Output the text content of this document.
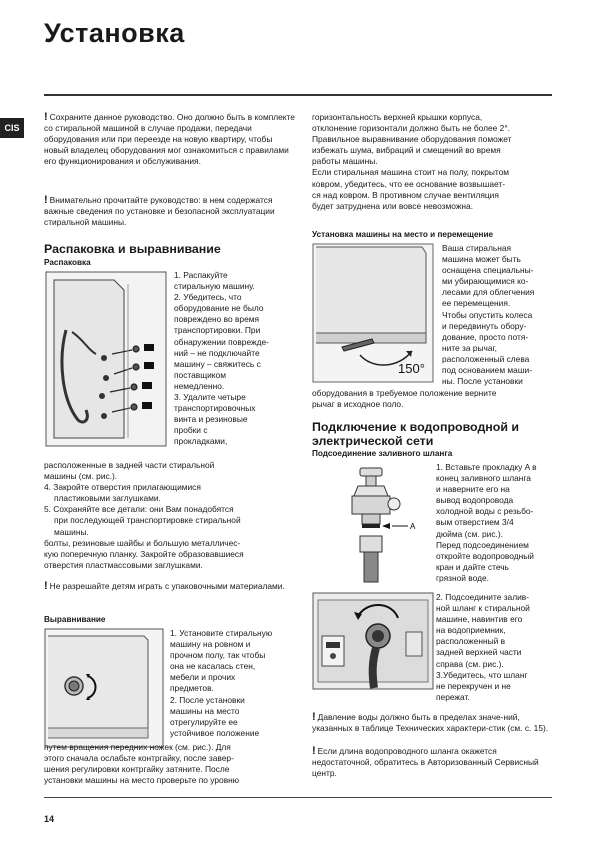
Установка
CIS
! Сохраните данное руководство. Оно должно быть в комплекте со стиральной машиной в случае продажи, передачи оборудования или при переезде на новую квартиру, чтобы новый владелец оборудования мог ознакомиться с правилами его функционирования и обслуживания.
! Внимательно прочитайте руководство: в нем содержатся важные сведения по установке и безопасной эксплуатации стиральной машины.
Распаковка и выравнивание
Распаковка

1. Распакуйте

стиральную машину.

2. Убедитесь, что

оборудование не было

повреждено во время

транспортировки. При

обнаружении поврежде-

ний – не подключайте

машину – свяжитесь с

поставщиком

немедленно.

3. Удалите четыре

транспортировочных

винта и резиновые

пробки с

прокладками,

расположенные в задней части стиральной

машины (см. рис.).

4. Закройте отверстия прилагающимися

пластиковыми заглушками.

5. Сохраняйте все детали: они Вам понадобятся

при последующей транспортировке стиральной

машины.

болты, резиновые шайбы и большую металличес-

кую поперечную планку. Закройте образовавшиеся

отверстия пластмассовыми заглушками.

! Не разрешайте детям играть с упаковочными материалами.
Выравнивание

1. Установите стиральную

машину на ровном и

прочном полу, так чтобы

она не касалась стен,

мебели и прочих

предметов.

2. После установки

машины на место

отрегулируйте ее

устойчивое положение

путем вращения передних ножек (см. рис.). Для

этого сначала ослабьте контргайку, после завер-

шения регулировки контргайку затяните. После

установки машины на место проверьте по уровню

горизонтальность верхней крышки корпуса,

отклонение горизонтали должно быть не более 2°.

Правильное выравнивание оборудования поможет

избежать шума, вибраций и смещений во время

работы машины.

Если стиральная машина стоит на полу, покрытом

ковром, убедитесь, что ее основание возвышает-

ся над ковром. В противном случае вентиляция

будет затруднена или вовсе невозможна.

Установка машины на место и перемещение
150°

Ваша стиральная

машина может быть

оснащена специальны-

ми убирающимися ко-

лесами для облегчения

ее перемещения.

Чтобы опустить колеса

и передвинуть обору-

дование, просто потя-

ните за рычаг,

расположенный слева

под основанием маши-

ны. После установки

оборудования в требуемое положение верните

рычаг в исходное поло.

Подключение к водопроводной и электрической сети
Подсоединение заливного шланга
A

1. Вставьте прокладку A в

конец заливного шланга

и наверните его на

вывод водопровода

холодной воды с резьбо-

вым отверстием 3/4

дюйма (см. рис.).

Перед подсоединением

откройте водопроводный

кран и дайте стечь

грязной воде.

2. Подсоедините залив-

ной шланг к стиральной

машине, навинтив его

на водоприемник,

расположенный в

задней верхней части

справа (см. рис.).

3.Убедитесь, что шланг

не перекручен и не

пережат.

! Давление воды должно быть в пределах значе-ний, указанных в таблице Технических характери-стик (см. с. 15).
! Если длина водопроводного шланга окажется недостаточной, обратитесь в Авторизованный Сервисный центр.
14
